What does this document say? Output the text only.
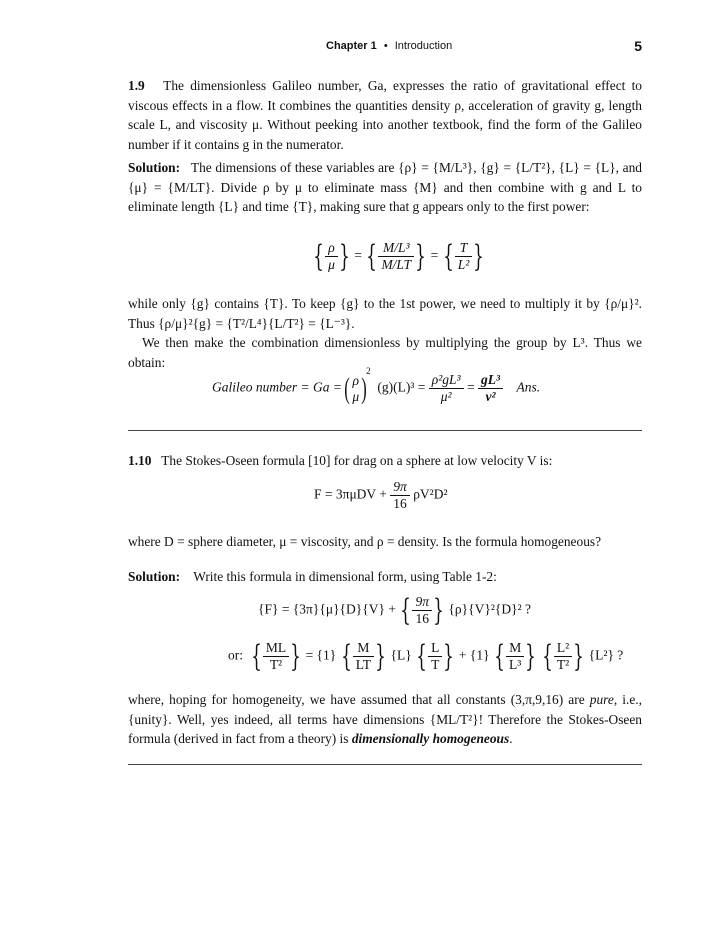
Chapter 1 • Introduction	5

1.9 The dimensionless Galileo number, Ga, expresses the ratio of gravitational effect to viscous effects in a flow. It combines the quantities density ρ, acceleration of gravity g, length scale L, and viscosity μ. Without peeking into another textbook, find the form of the Galileo number if it contains g in the numerator.

Solution: The dimensions of these variables are {ρ} = {M/L³}, {g} = {L/T²}, {L} = {L}, and {μ} = {M/LT}. Divide ρ by μ to eliminate mass {M} and then combine with g and L to eliminate length {L} and time {T}, making sure that g appears only to the first power:

{ $\frac{\rho}{\mu}$ } = { $\frac{\text{M/L³}}{M/LT}$ } = { $\frac{T}{\text{L²}}$ }

while only {g} contains {T}. To keep {g} to the 1st power, we need to multiply it by {ρ/μ}². Thus {ρ/μ}²{g} = {T²/L⁴}{L/T²} = {L⁻³}.

We then make the combination dimensionless by multiplying the group by L³. Thus we obtain:

Galileo number = Ga = ( ρ
μ )$^2$  $(g)(L)^3 = \frac{\text{ρ²gL³}}{\text{μ²}}$ =
gL³
ν²
Ans.

1.10 The Stokes-Oseen formula [10] for drag on a sphere at low velocity V is:

$F = 3\pi\mu DV + \frac{9\pi}{16} \rho V^2D^2$

where D = sphere diameter, μ = viscosity, and ρ = density. Is the formula homogeneous?

Solution: Write this formula in dimensional form, using Table 1-2:

{F} = {3π}{μ}{D}{V} + { $\frac{9\pi}{16}$ } {ρ}{V}²{D}² ?
or: { $\frac{ML}{\text{T²}}$ } = {1} { $\frac{M}{LT}$ } {L} { $\frac{L}{T}$ } + {1} { $\frac{M}{\text{L³}}$ } { $\frac{\text{L²}}{\text{T²}}$ } {L²} ?

where, hoping for homogeneity, we have assumed that all constants (3,π,9,16) are pure, i.e., {unity}. Well, yes indeed, all terms have dimensions {ML/T²}! Therefore the Stokes-Oseen formula (derived in fact from a theory) is dimensionally homogeneous.
